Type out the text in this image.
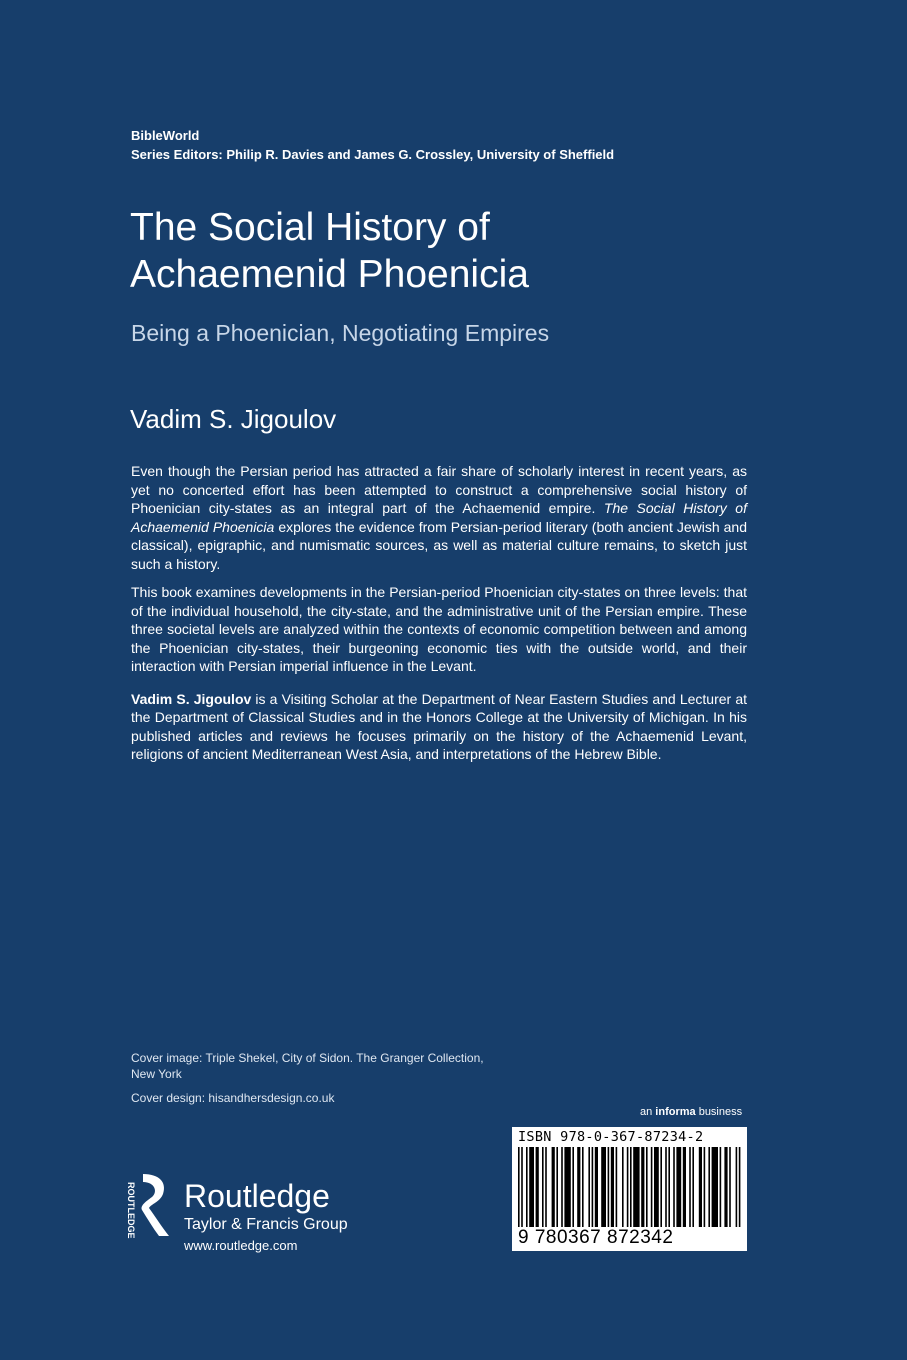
BibleWorld
Series Editors: Philip R. Davies and James G. Crossley, University of Sheffield
The Social History of
Achaemenid Phoenicia
Being a Phoenician, Negotiating Empires
Vadim S. Jigoulov

Even though the Persian period has attracted a fair share of scholarly interest in recent years, as yet no concerted effort has been attempted to construct a comprehensive social history of Phoenician city-states as an integral part of the Achaemenid empire. The Social History of Achaemenid Phoenicia explores the evidence from Persian-period literary (both ancient Jewish and classical), epigraphic, and numismatic sources, as well as material culture remains, to sketch just such a history.

This book examines developments in the Persian-period Phoenician city-states on three levels: that of the individual household, the city-state, and the administrative unit of the Persian empire. These three societal levels are analyzed within the contexts of economic competition between and among the Phoenician city-states, their burgeoning economic ties with the outside world, and their interaction with Persian imperial influence in the Levant.

Vadim S. Jigoulov is a Visiting Scholar at the Department of Near Eastern Studies and Lecturer at the Department of Classical Studies and in the Honors College at the University of Michigan. In his published articles and reviews he focuses primarily on the history of the Achaemenid Levant, religions of ancient Mediterranean West Asia, and interpretations of the Hebrew Bible.

Cover image: Triple Shekel, City of Sidon. The Granger Collection,
New York
Cover design: hisandhersdesign.co.uk
an informa business
ISBN 978-0-367-87234-2
9 780367 872342
ROUTLEDGE Routledge
Taylor & Francis Group
www.routledge.com
